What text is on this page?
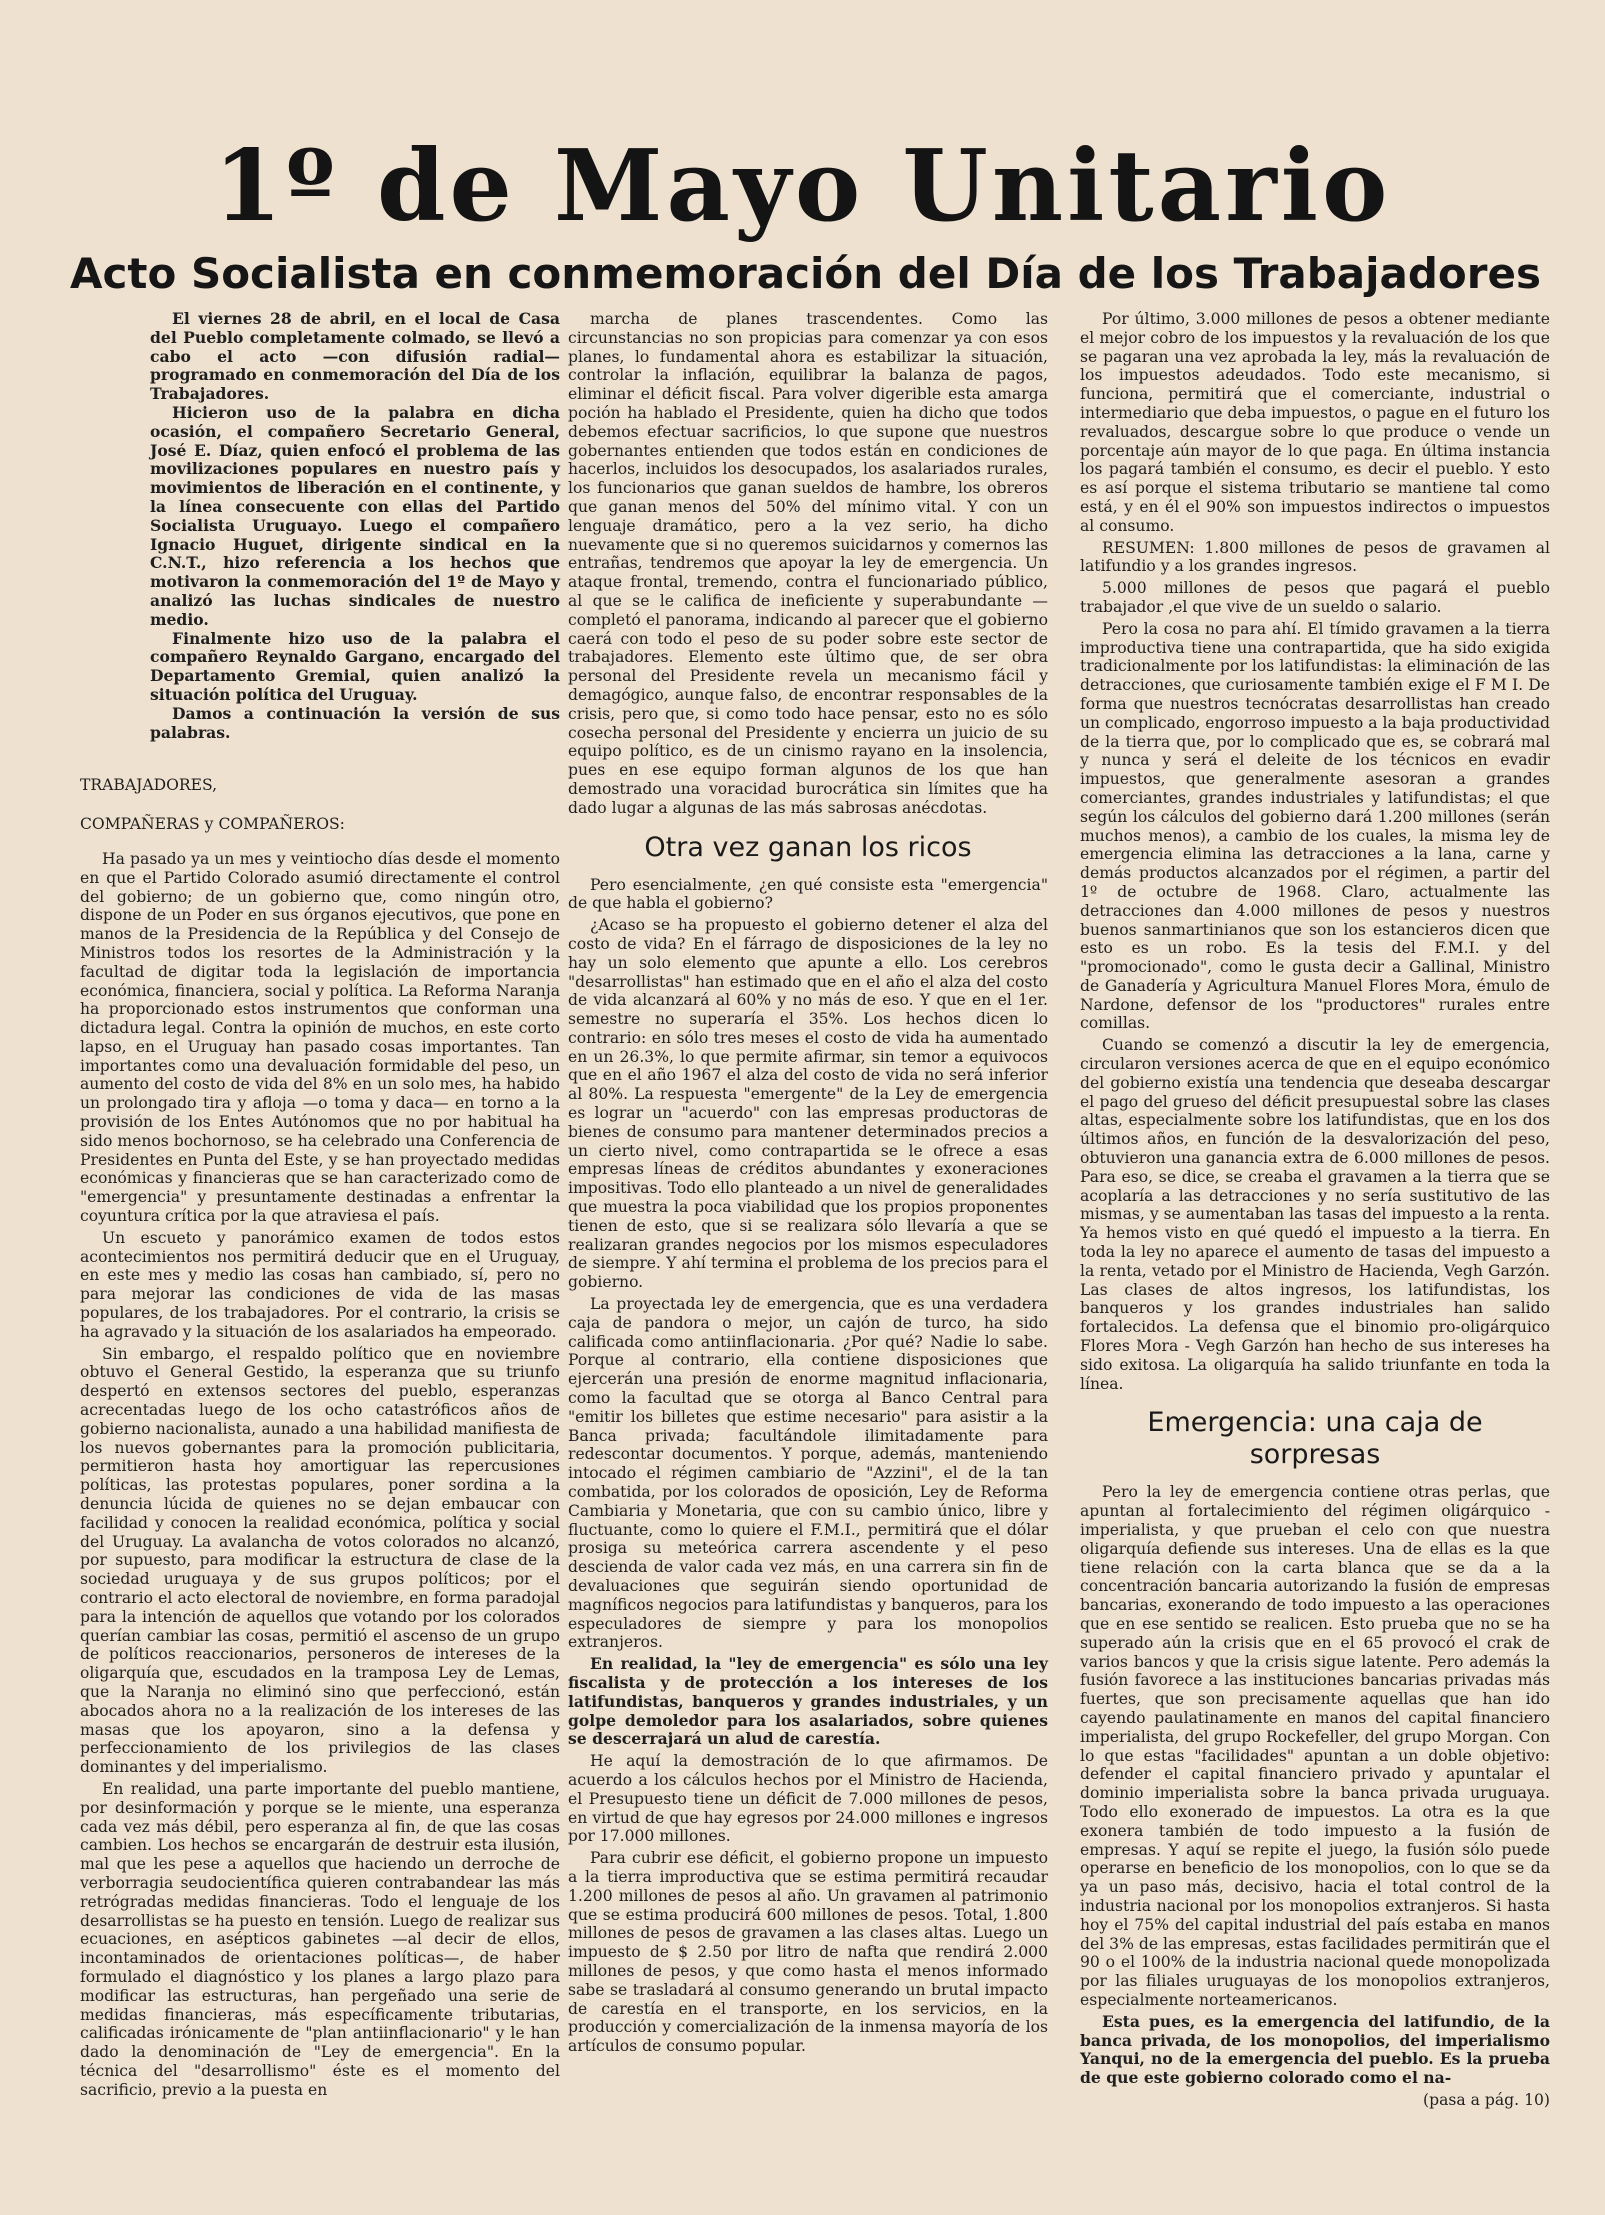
1º de Mayo Unitario
Acto Socialista en conmemoración del Día de los Trabajadores

El viernes 28 de abril, en el local de Casa del Pueblo completamente colmado, se llevó a cabo el acto —con difusión radial— programado en conmemoración del Día de los Trabajadores.

Hicieron uso de la palabra en dicha ocasión, el compañero Secretario General, José E. Díaz, quien enfocó el problema de las movilizaciones populares en nuestro país y movimientos de liberación en el continente, y la línea consecuente con ellas del Partido Socialista Uruguayo. Luego el compañero Ignacio Huguet, dirigente sindical en la C.N.T., hizo referencia a los hechos que motivaron la conmemoración del 1º de Mayo y analizó las luchas sindicales de nuestro medio.

Finalmente hizo uso de la palabra el compañero Reynaldo Gargano, encargado del Departamento Gremial, quien analizó la situación política del Uruguay.

Damos a continuación la versión de sus palabras.

TRABAJADORES,

COMPAÑERAS y COMPAÑEROS:

Ha pasado ya un mes y veintiocho días desde el momento en que el Partido Colorado asumió directamente el control del gobierno; de un gobierno que, como ningún otro, dispone de un Poder en sus órganos ejecutivos, que pone en manos de la Presidencia de la República y del Consejo de Ministros todos los resortes de la Administración y la facultad de digitar toda la legislación de importancia económica, financiera, social y política. La Reforma Naranja ha proporcionado estos instrumentos que conforman una dictadura legal. Contra la opinión de muchos, en este corto lapso, en el Uruguay han pasado cosas importantes. Tan importantes como una devaluación formidable del peso, un aumento del costo de vida del 8% en un solo mes, ha habido un prolongado tira y afloja —o toma y daca— en torno a la provisión de los Entes Autónomos que no por habitual ha sido menos bochornoso, se ha celebrado una Conferencia de Presidentes en Punta del Este, y se han proyectado medidas económicas y financieras que se han caracterizado como de "emergencia" y presuntamente destinadas a enfrentar la coyuntura crítica por la que atraviesa el país.

Un escueto y panorámico examen de todos estos acontecimientos nos permitirá deducir que en el Uruguay, en este mes y medio las cosas han cambiado, sí, pero no para mejorar las condiciones de vida de las masas populares, de los trabajadores. Por el contrario, la crisis se ha agravado y la situación de los asalariados ha empeorado.

Sin embargo, el respaldo político que en noviembre obtuvo el General Gestido, la esperanza que su triunfo despertó en extensos sectores del pueblo, esperanzas acrecentadas luego de los ocho catastróficos años de gobierno nacionalista, aunado a una habilidad manifiesta de los nuevos gobernantes para la promoción publicitaria, permitieron hasta hoy amortiguar las repercusiones políticas, las protestas populares, poner sordina a la denuncia lúcida de quienes no se dejan embaucar con facilidad y conocen la realidad económica, política y social del Uruguay. La avalancha de votos colorados no alcanzó, por supuesto, para modificar la estructura de clase de la sociedad uruguaya y de sus grupos políticos; por el contrario el acto electoral de noviembre, en forma paradojal para la intención de aquellos que votando por los colorados querían cambiar las cosas, permitió el ascenso de un grupo de políticos reaccionarios, personeros de intereses de la oligarquía que, escudados en la tramposa Ley de Lemas, que la Naranja no eliminó sino que perfeccionó, están abocados ahora no a la realización de los intereses de las masas que los apoyaron, sino a la defensa y perfeccionamiento de los privilegios de las clases dominantes y del imperialismo.

En realidad, una parte importante del pueblo mantiene, por desinformación y porque se le miente, una esperanza cada vez más débil, pero esperanza al fin, de que las cosas cambien. Los hechos se encargarán de destruir esta ilusión, mal que les pese a aquellos que haciendo un derroche de verborragia seudocientífica quieren contrabandear las más retrógradas medidas financieras. Todo el lenguaje de los desarrollistas se ha puesto en tensión. Luego de realizar sus ecuaciones, en asépticos gabinetes —al decir de ellos, incontaminados de orientaciones políticas—, de haber formulado el diagnóstico y los planes a largo plazo para modificar las estructuras, han pergeñado una serie de medidas financieras, más específicamente tributarias, calificadas irónicamente de "plan antiinflacionario" y le han dado la denominación de "Ley de emergencia". En la técnica del "desarrollismo" éste es el momento del sacrificio, previo a la puesta en

marcha de planes trascendentes. Como las circunstancias no son propicias para comenzar ya con esos planes, lo fundamental ahora es estabilizar la situación, controlar la inflación, equilibrar la balanza de pagos, eliminar el déficit fiscal. Para volver digerible esta amarga poción ha hablado el Presidente, quien ha dicho que todos debemos efectuar sacrificios, lo que supone que nuestros gobernantes entienden que todos están en condiciones de hacerlos, incluidos los desocupados, los asalariados rurales, los funcionarios que ganan sueldos de hambre, los obreros que ganan menos del 50% del mínimo vital. Y con un lenguaje dramático, pero a la vez serio, ha dicho nuevamente que si no queremos suicidarnos y comernos las entrañas, tendremos que apoyar la ley de emergencia. Un ataque frontal, tremendo, contra el funcionariado público, al que se le califica de ineficiente y superabundante —completó el panorama, indicando al parecer que el gobierno caerá con todo el peso de su poder sobre este sector de trabajadores. Elemento este último que, de ser obra personal del Presidente revela un mecanismo fácil y demagógico, aunque falso, de encontrar responsables de la crisis, pero que, si como todo hace pensar, esto no es sólo cosecha personal del Presidente y encierra un juicio de su equipo político, es de un cinismo rayano en la insolencia, pues en ese equipo forman algunos de los que han demostrado una voracidad burocrática sin límites que ha dado lugar a algunas de las más sabrosas anécdotas.

Otra vez ganan los ricos

Pero esencialmente, ¿en qué consiste esta "emergencia" de que habla el gobierno?

¿Acaso se ha propuesto el gobierno detener el alza del costo de vida? En el fárrago de disposiciones de la ley no hay un solo elemento que apunte a ello. Los cerebros "desarrollistas" han estimado que en el año el alza del costo de vida alcanzará al 60% y no más de eso. Y que en el 1er. semestre no superaría el 35%. Los hechos dicen lo contrario: en sólo tres meses el costo de vida ha aumentado en un 26.3%, lo que permite afirmar, sin temor a equivocos que en el año 1967 el alza del costo de vida no será inferior al 80%. La respuesta "emergente" de la Ley de emergencia es lograr un "acuerdo" con las empresas productoras de bienes de consumo para mantener determinados precios a un cierto nivel, como contrapartida se le ofrece a esas empresas líneas de créditos abundantes y exoneraciones impositivas. Todo ello planteado a un nivel de generalidades que muestra la poca viabilidad que los propios proponentes tienen de esto, que si se realizara sólo llevaría a que se realizaran grandes negocios por los mismos especuladores de siempre. Y ahí termina el problema de los precios para el gobierno.

La proyectada ley de emergencia, que es una verdadera caja de pandora o mejor, un cajón de turco, ha sido calificada como antiinflacionaria. ¿Por qué? Nadie lo sabe. Porque al contrario, ella contiene disposiciones que ejercerán una presión de enorme magnitud inflacionaria, como la facultad que se otorga al Banco Central para "emitir los billetes que estime necesario" para asistir a la Banca privada; facultándole ilimitadamente para redescontar documentos. Y porque, además, manteniendo intocado el régimen cambiario de "Azzini", el de la tan combatida, por los colorados de oposición, Ley de Reforma Cambiaria y Monetaria, que con su cambio único, libre y fluctuante, como lo quiere el F.M.I., permitirá que el dólar prosiga su meteórica carrera ascendente y el peso descienda de valor cada vez más, en una carrera sin fin de devaluaciones que seguirán siendo oportunidad de magníficos negocios para latifundistas y banqueros, para los especuladores de siempre y para los monopolios extranjeros.

En realidad, la "ley de emergencia" es sólo una ley fiscalista y de protección a los intereses de los latifundistas, banqueros y grandes industriales, y un golpe demoledor para los asalariados, sobre quienes se descerrajará un alud de carestía.

He aquí la demostración de lo que afirmamos. De acuerdo a los cálculos hechos por el Ministro de Hacienda, el Presupuesto tiene un déficit de 7.000 millones de pesos, en virtud de que hay egresos por 24.000 millones e ingresos por 17.000 millones.

Para cubrir ese déficit, el gobierno propone un impuesto a la tierra improductiva que se estima permitirá recaudar 1.200 millones de pesos al año. Un gravamen al patrimonio que se estima producirá 600 millones de pesos. Total, 1.800 millones de pesos de gravamen a las clases altas. Luego un impuesto de $ 2.50 por litro de nafta que rendirá 2.000 millones de pesos, y que como hasta el menos informado sabe se trasladará al consumo generando un brutal impacto de carestía en el transporte, en los servicios, en la producción y comercialización de la inmensa mayoría de los artículos de consumo popular.

Por último, 3.000 millones de pesos a obtener mediante el mejor cobro de los impuestos y la revaluación de los que se pagaran una vez aprobada la ley, más la revaluación de los impuestos adeudados. Todo este mecanismo, si funciona, permitirá que el comerciante, industrial o intermediario que deba impuestos, o pague en el futuro los revaluados, descargue sobre lo que produce o vende un porcentaje aún mayor de lo que paga. En última instancia los pagará también el consumo, es decir el pueblo. Y esto es así porque el sistema tributario se mantiene tal como está, y en él el 90% son impuestos indirectos o impuestos al consumo.

RESUMEN: 1.800 millones de pesos de gravamen al latifundio y a los grandes ingresos.

5.000 millones de pesos que pagará el pueblo trabajador ,el que vive de un sueldo o salario.

Pero la cosa no para ahí. El tímido gravamen a la tierra improductiva tiene una contrapartida, que ha sido exigida tradicionalmente por los latifundistas: la eliminación de las detracciones, que curiosamente también exige el F M I. De forma que nuestros tecnócratas desarrollistas han creado un complicado, engorroso impuesto a la baja productividad de la tierra que, por lo complicado que es, se cobrará mal y nunca y será el deleite de los técnicos en evadir impuestos, que generalmente asesoran a grandes comerciantes, grandes industriales y latifundistas; el que según los cálculos del gobierno dará 1.200 millones (serán muchos menos), a cambio de los cuales, la misma ley de emergencia elimina las detracciones a la lana, carne y demás productos alcanzados por el régimen, a partir del 1º de octubre de 1968. Claro, actualmente las detracciones dan 4.000 millones de pesos y nuestros buenos sanmartinianos que son los estancieros dicen que esto es un robo. Es la tesis del F.M.I. y del "promocionado", como le gusta decir a Gallinal, Ministro de Ganadería y Agricultura Manuel Flores Mora, émulo de Nardone, defensor de los "productores" rurales entre comillas.

Cuando se comenzó a discutir la ley de emergencia, circularon versiones acerca de que en el equipo económico del gobierno existía una tendencia que deseaba descargar el pago del grueso del déficit presupuestal sobre las clases altas, especialmente sobre los latifundistas, que en los dos últimos años, en función de la desvalorización del peso, obtuvieron una ganancia extra de 6.000 millones de pesos. Para eso, se dice, se creaba el gravamen a la tierra que se acoplaría a las detracciones y no sería sustitutivo de las mismas, y se aumentaban las tasas del impuesto a la renta. Ya hemos visto en qué quedó el impuesto a la tierra. En toda la ley no aparece el aumento de tasas del impuesto a la renta, vetado por el Ministro de Hacienda, Vegh Garzón. Las clases de altos ingresos, los latifundistas, los banqueros y los grandes industriales han salido fortalecidos. La defensa que el binomio pro-oligárquico Flores Mora - Vegh Garzón han hecho de sus intereses ha sido exitosa. La oligarquía ha salido triunfante en toda la línea.

Emergencia: una caja de sorpresas

Pero la ley de emergencia contiene otras perlas, que apuntan al fortalecimiento del régimen oligárquico - imperialista, y que prueban el celo con que nuestra oligarquía defiende sus intereses. Una de ellas es la que tiene relación con la carta blanca que se da a la concentración bancaria autorizando la fusión de empresas bancarias, exonerando de todo impuesto a las operaciones que en ese sentido se realicen. Esto prueba que no se ha superado aún la crisis que en el 65 provocó el crak de varios bancos y que la crisis sigue latente. Pero además la fusión favorece a las instituciones bancarias privadas más fuertes, que son precisamente aquellas que han ido cayendo paulatinamente en manos del capital financiero imperialista, del grupo Rockefeller, del grupo Morgan. Con lo que estas "facilidades" apuntan a un doble objetivo: defender el capital financiero privado y apuntalar el dominio imperialista sobre la banca privada uruguaya. Todo ello exonerado de impuestos. La otra es la que exonera también de todo impuesto a la fusión de empresas. Y aquí se repite el juego, la fusión sólo puede operarse en beneficio de los monopolios, con lo que se da ya un paso más, decisivo, hacia el total control de la industria nacional por los monopolios extranjeros. Si hasta hoy el 75% del capital industrial del país estaba en manos del 3% de las empresas, estas facilidades permitirán que el 90 o el 100% de la industria nacional quede monopolizada por las filiales uruguayas de los monopolios extranjeros, especialmente norteamericanos.

Esta pues, es la emergencia del latifundio, de la banca privada, de los monopolios, del imperialismo Yanqui, no de la emergencia del pueblo. Es la prueba de que este gobierno colorado como el na-

(pasa a pág. 10)
